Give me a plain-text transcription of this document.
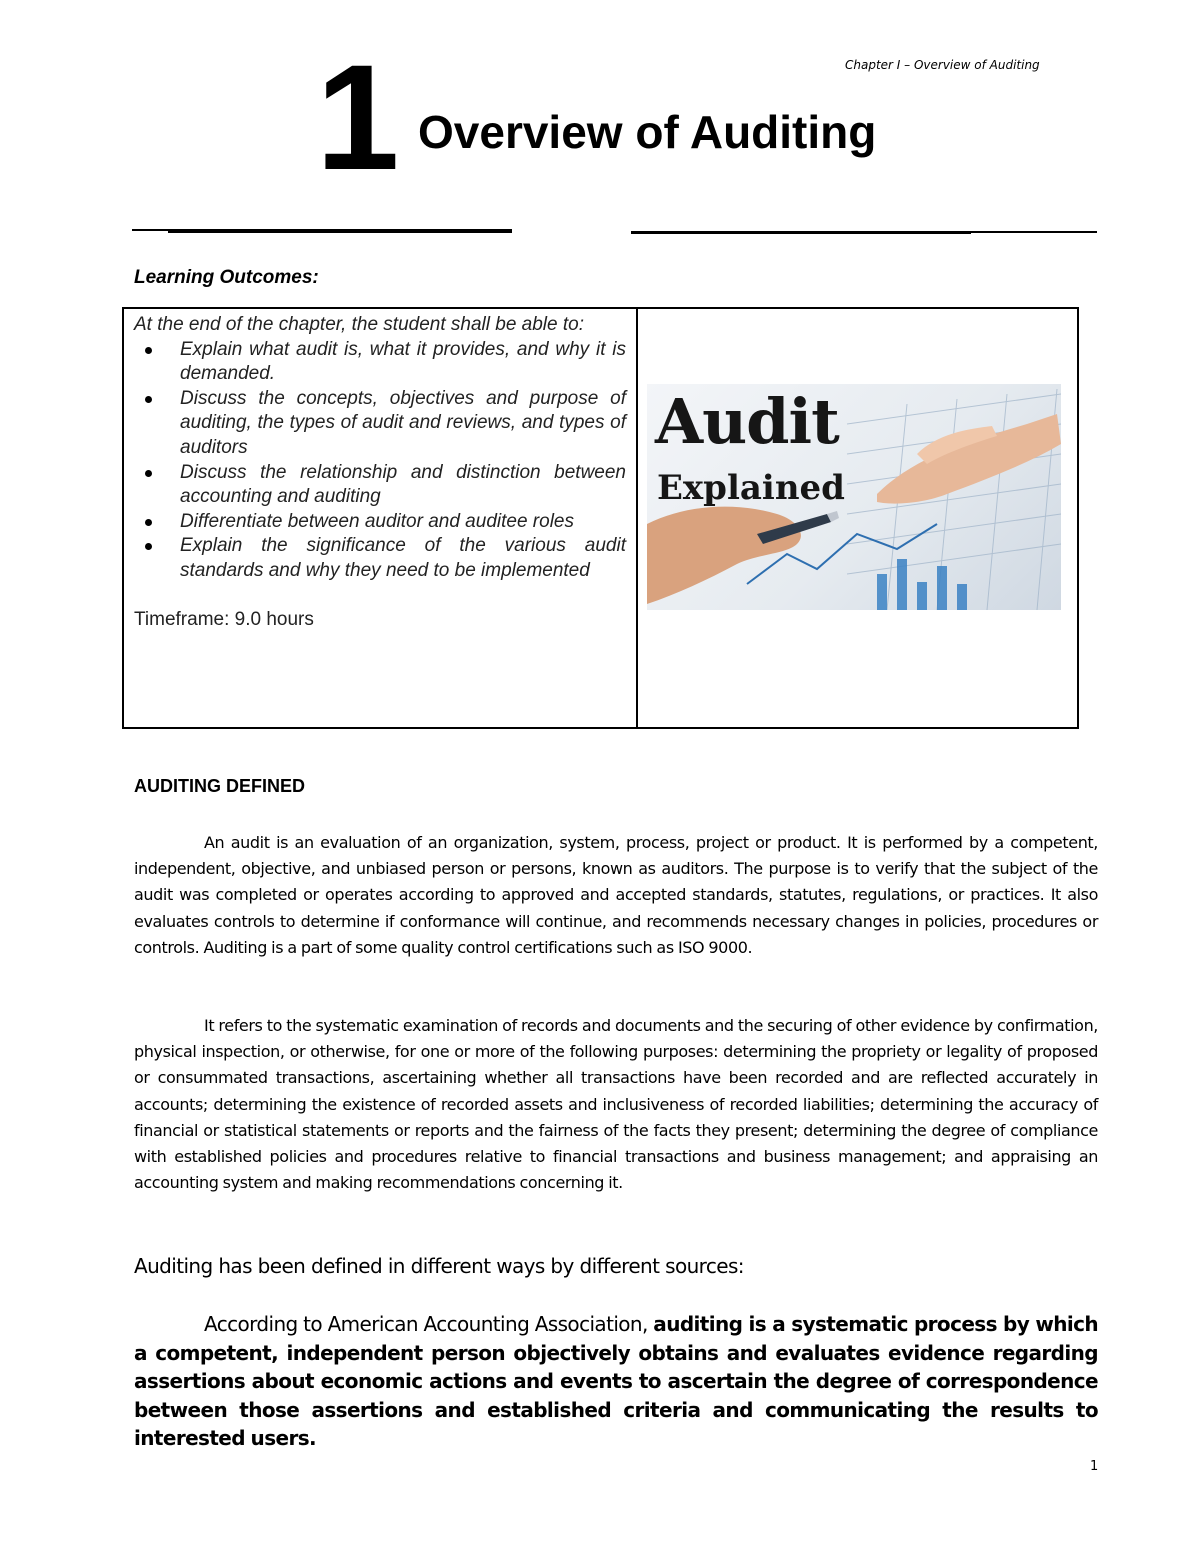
Chapter I – Overview of Auditing
1 Overview of Auditing
Learning Outcomes:

At the end of the chapter, the student shall be able to:

Explain what audit is, what it provides, and why it is demanded.
Discuss the concepts, objectives and purpose of auditing, the types of audit and reviews, and types of auditors
Discuss the relationship and distinction between accounting and auditing
Differentiate between auditor and auditee roles
Explain the significance of the various audit standards and why they need to be implemented
Timeframe: 9.0 hours
Audit
Explained
AUDITING DEFINED

An audit is an evaluation of an organization, system, process, project or product. It is performed by a competent, independent, objective, and unbiased person or persons, known as auditors. The purpose is to verify that the subject of the audit was completed or operates according to approved and accepted standards, statutes, regulations, or practices. It also evaluates controls to determine if conformance will continue, and recommends necessary changes in policies, procedures or controls. Auditing is a part of some quality control certifications such as ISO 9000.

It refers to the systematic examination of records and documents and the securing of other evidence by confirmation, physical inspection, or otherwise, for one or more of the following purposes: determining the propriety or legality of proposed or consummated transactions, ascertaining whether all transactions have been recorded and are reflected accurately in accounts; determining the existence of recorded assets and inclusiveness of recorded liabilities; determining the accuracy of financial or statistical statements or reports and the fairness of the facts they present; determining the degree of compliance with established policies and procedures relative to financial transactions and business management; and appraising an accounting system and making recommendations concerning it.

Auditing has been defined in different ways by different sources:

According to American Accounting Association, auditing is a systematic process by which a competent, independent person objectively obtains and evaluates evidence regarding assertions about economic actions and events to ascertain the degree of correspondence between those assertions and established criteria and communicating the results to interested users.

1
